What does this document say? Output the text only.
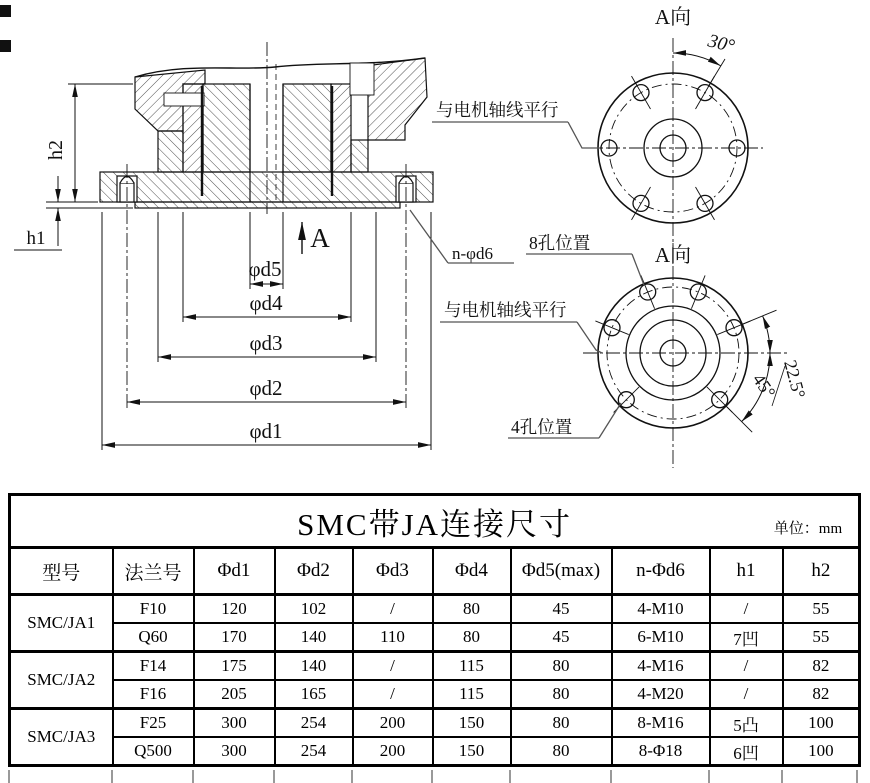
h2
h1
φd5
φd4
φd3
φd2
φd1
A
n-φd6
A向
30°
与电机轴线平行
A向
22.5°
45°
8孔位置
与电机轴线平行
4孔位置
SMC带JA连接尺寸 单位：mm									

型号	法兰号	Φd1	Φd2	Φd3	Φd4	Φd5(max)	n-Φd6	h1	h2
SMC/JA1	F10	120	102	/	80	45	4-M10	/	55
	Q60	170	140	110	80	45	6-M10	7凹	55
SMC/JA2	F14	175	140	/	115	80	4-M16	/	82
	F16	205	165	/	115	80	4-M20	/	82
SMC/JA3	F25	300	254	200	150	80	8-M16	5凸	100
	Q500	300	254	200	150	80	8-Φ18	6凹	100
